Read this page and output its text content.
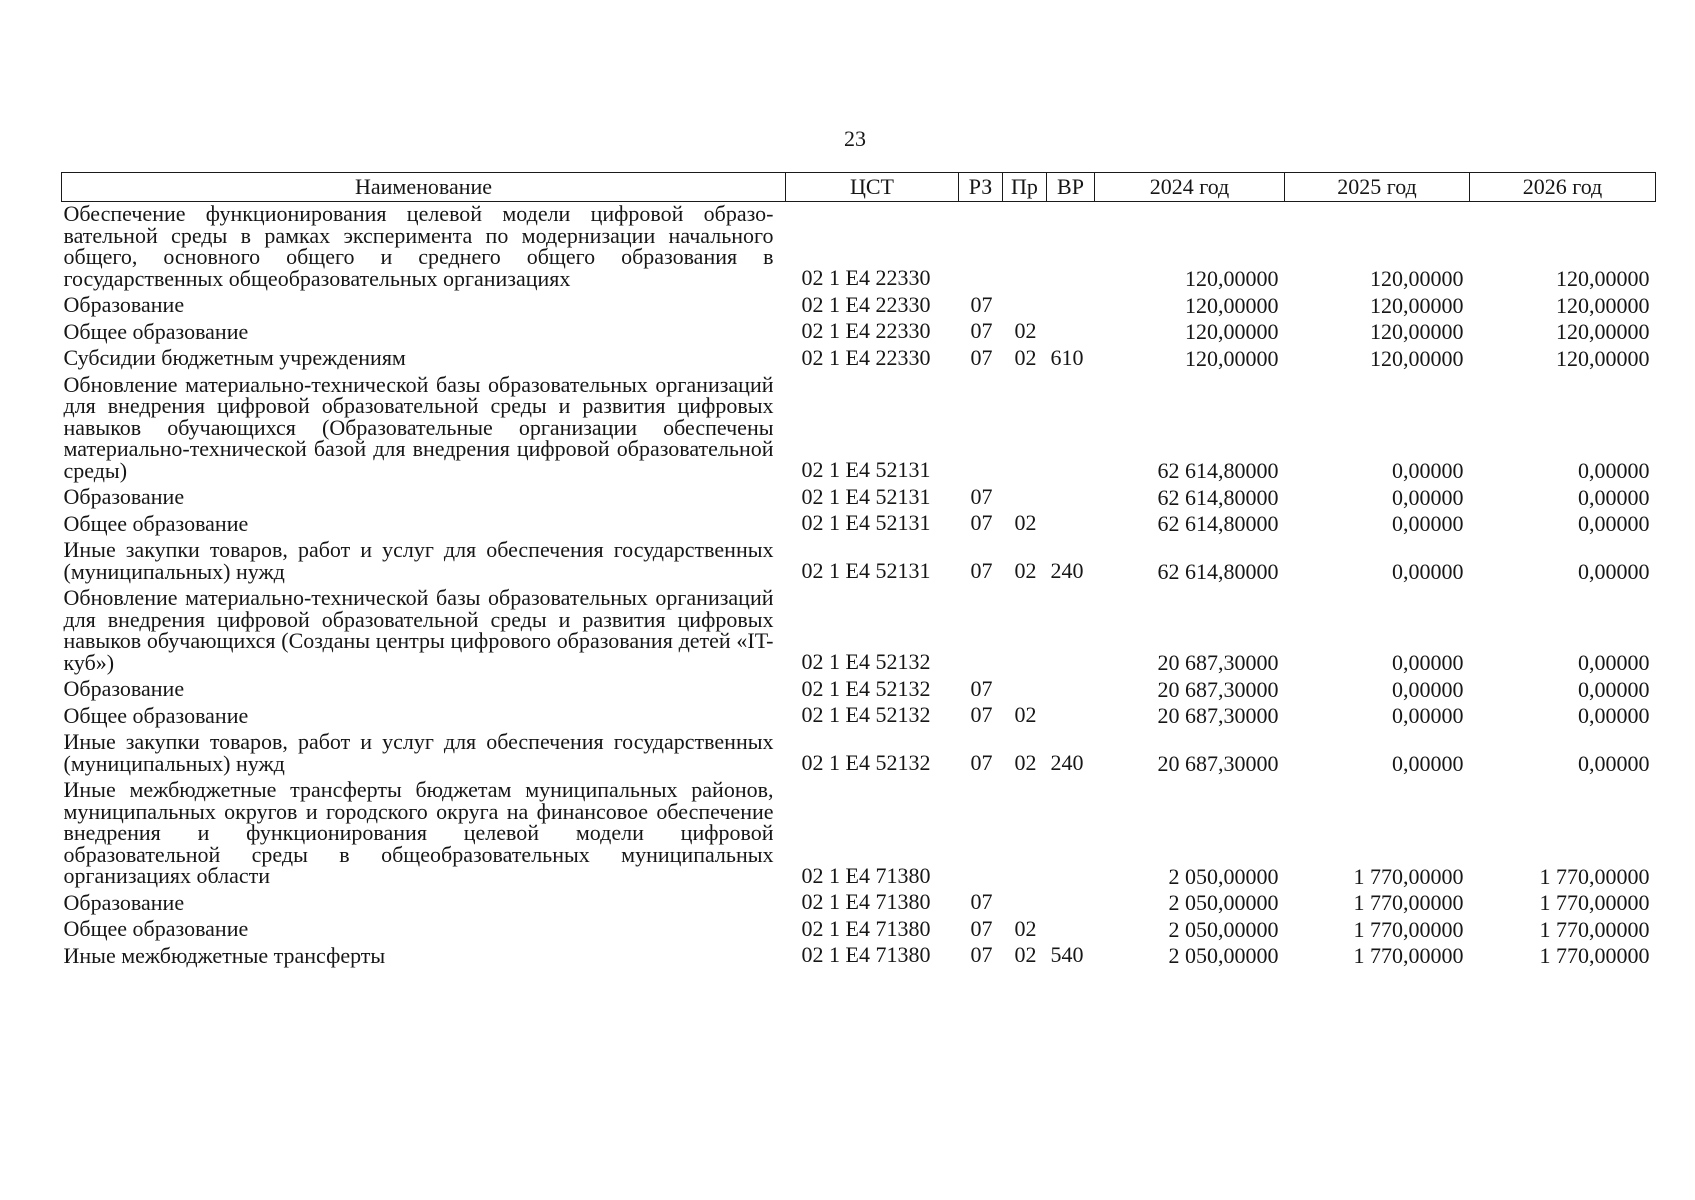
23
Наименование	ЦСТ	РЗ	Пр	ВР	2024 год	2025 год	2026 год
Обеспечение функционирования целевой модели цифровой образовательной среды в рамках эксперимента по модернизации начального общего, основного общего и среднего общего образования в государственных общеобразовательных организациях	02 1 Е4 22330				120,00000	120,00000	120,00000
Образование	02 1 Е4 22330	07			120,00000	120,00000	120,00000
Общее образование	02 1 Е4 22330	07	02		120,00000	120,00000	120,00000
Субсидии бюджетным учреждениям	02 1 Е4 22330	07	02	610	120,00000	120,00000	120,00000
Обновление материально-технической базы образовательных организаций для внедрения цифровой образовательной среды и развития цифровых навыков обучающихся (Образовательные организации обеспечены материально-технической базой для внедрения цифровой образовательной среды)	02 1 Е4 52131				62 614,80000	0,00000	0,00000
Образование	02 1 Е4 52131	07			62 614,80000	0,00000	0,00000
Общее образование	02 1 Е4 52131	07	02		62 614,80000	0,00000	0,00000
Иные закупки товаров, работ и услуг для обеспечения государственных (муниципальных) нужд	02 1 Е4 52131	07	02	240	62 614,80000	0,00000	0,00000
Обновление материально-технической базы образовательных организаций для внедрения цифровой образовательной среды и развития цифровых навыков обучающихся (Созданы центры цифрового образования детей «IT-куб»)	02 1 Е4 52132				20 687,30000	0,00000	0,00000
Образование	02 1 Е4 52132	07			20 687,30000	0,00000	0,00000
Общее образование	02 1 Е4 52132	07	02		20 687,30000	0,00000	0,00000
Иные закупки товаров, работ и услуг для обеспечения государственных (муниципальных) нужд	02 1 Е4 52132	07	02	240	20 687,30000	0,00000	0,00000
Иные межбюджетные трансферты бюджетам муниципальных районов, муниципальных округов и городского округа на финансовое обеспечение внедрения и функционирования целевой модели цифровой образовательной среды в общеобразовательных муниципальных организациях области	02 1 Е4 71380				2 050,00000	1 770,00000	1 770,00000
Образование	02 1 Е4 71380	07			2 050,00000	1 770,00000	1 770,00000
Общее образование	02 1 Е4 71380	07	02		2 050,00000	1 770,00000	1 770,00000
Иные межбюджетные трансферты	02 1 Е4 71380	07	02	540	2 050,00000	1 770,00000	1 770,00000
